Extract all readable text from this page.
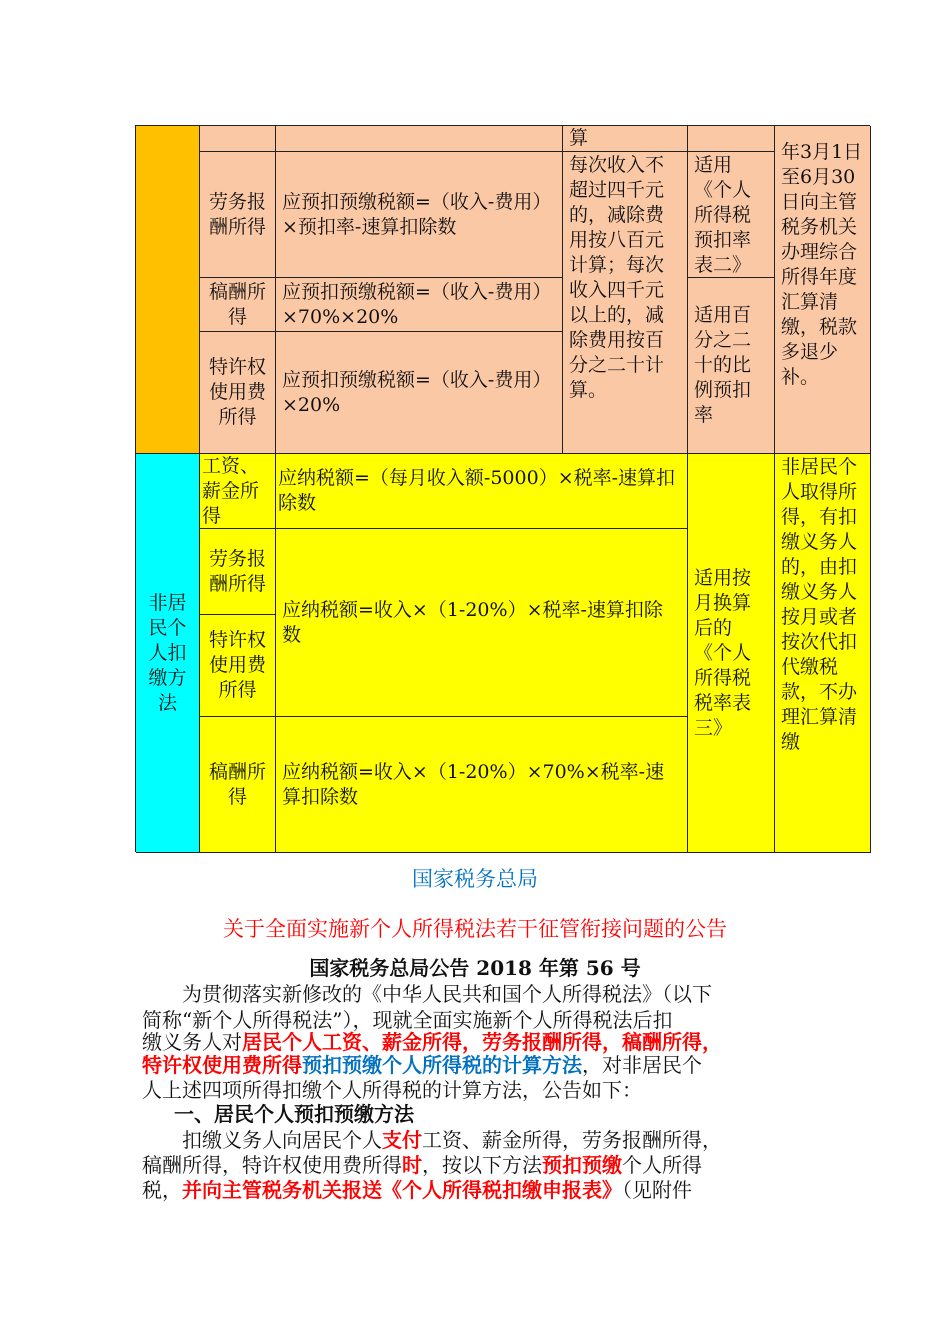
算
劳务报酬所得
应预扣预缴税额=（收入-费用）×预扣率-速算扣除数
稿酬所得
应预扣预缴税额=（收入-费用）×70%×20%
特许权使用费所得
应预扣预缴税额=（收入-费用）×20%
每次收入不超过四千元的，减除费用按八百元计算；每次收入四千元以上的，减除费用按百分之二十计算。
适用《个人所得税预扣率表二》
适用百分之二十的比例预扣率
年3月1日至6月30日向主管税务机关办理综合所得年度汇算清缴，税款多退少补。
非居民个人扣缴方法
工资、薪金所得
应纳税额=（每月收入额-5000）×税率-速算扣除数
劳务报酬所得
特许权使用费所得
应纳税额=收入×（1-20%）×税率-速算扣除数
稿酬所得
应纳税额=收入×（1-20%）×70%×税率-速算扣除数
适用按月换算后的《个人所得税税率表三》
非居民个人取得所得，有扣缴义务人的，由扣缴义务人按月或者按次代扣代缴税款，不办理汇算清缴
国家税务总局
关于全面实施新个人所得税法若干征管衔接问题的公告
国家税务总局公告 2018 年第 56 号
为贯彻落实新修改的《中华人民共和国个人所得税法》（以下
简称“新个人所得税法”），现就全面实施新个人所得税法后扣
缴义务人对居民个人工资、薪金所得，劳务报酬所得，稿酬所得，
特许权使用费所得预扣预缴个人所得税的计算方法，对非居民个
人上述四项所得扣缴个人所得税的计算方法，公告如下：
一、居民个人预扣预缴方法
扣缴义务人向居民个人支付工资、薪金所得，劳务报酬所得，
稿酬所得，特许权使用费所得时，按以下方法预扣预缴个人所得
税，并向主管税务机关报送《个人所得税扣缴申报表》（见附件
